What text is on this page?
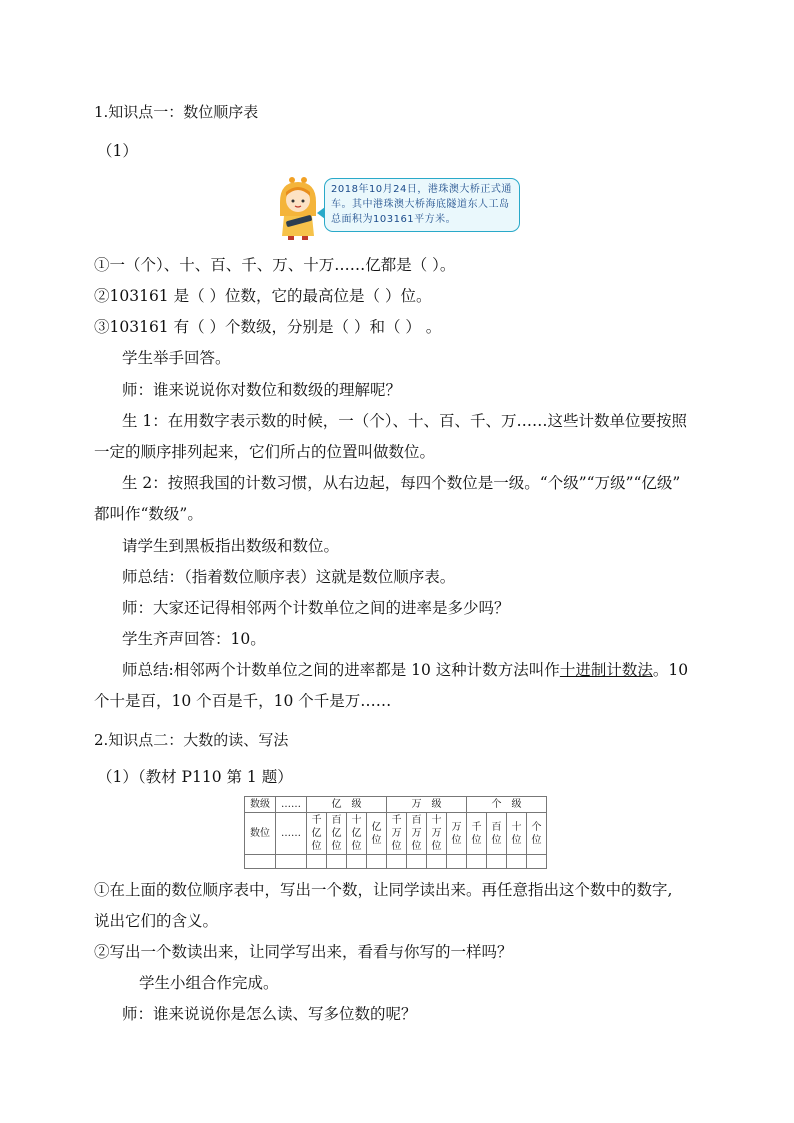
1.知识点一：数位顺序表
（1）
2018年10月24日，港珠澳大桥正式通车。其中港珠澳大桥海底隧道东人工岛总面积为103161平方米。
①一（个）、十、百、千、万、十万……亿都是（ ）。
②103161 是（ ）位数，它的最高位是（ ）位。
③103161 有（ ）个数级，分别是（ ）和（ ） 。
学生举手回答。
师：谁来说说你对数位和数级的理解呢？
生 1：在用数字表示数的时候，一（个）、十、百、千、万……这些计数单位要按照
一定的顺序排列起来，它们所占的位置叫做数位。
生 2：按照我国的计数习惯，从右边起，每四个数位是一级。“个级”“万级”“亿级”
都叫作“数级”。
请学生到黑板指出数级和数位。
师总结：（指着数位顺序表）这就是数位顺序表。
师：大家还记得相邻两个计数单位之间的进率是多少吗？
学生齐声回答：10。
师总结:相邻两个计数单位之间的进率都是 10 这种计数方法叫作十进制计数法。10
个十是百，10 个百是千，10 个千是万……
2.知识点二：大数的读、写法
（1）（教材 P110 第 1 题）
数级	……	亿　级				万　级				个　级			
数位	……	千亿位	百亿位	十亿位	亿位	千万位	百万位	十万位	万位	千位	百位	十位	个位

①在上面的数位顺序表中，写出一个数，让同学读出来。再任意指出这个数中的数字,
说出它们的含义。
②写出一个数读出来，让同学写出来，看看与你写的一样吗？
学生小组合作完成。
师：谁来说说你是怎么读、写多位数的呢？
